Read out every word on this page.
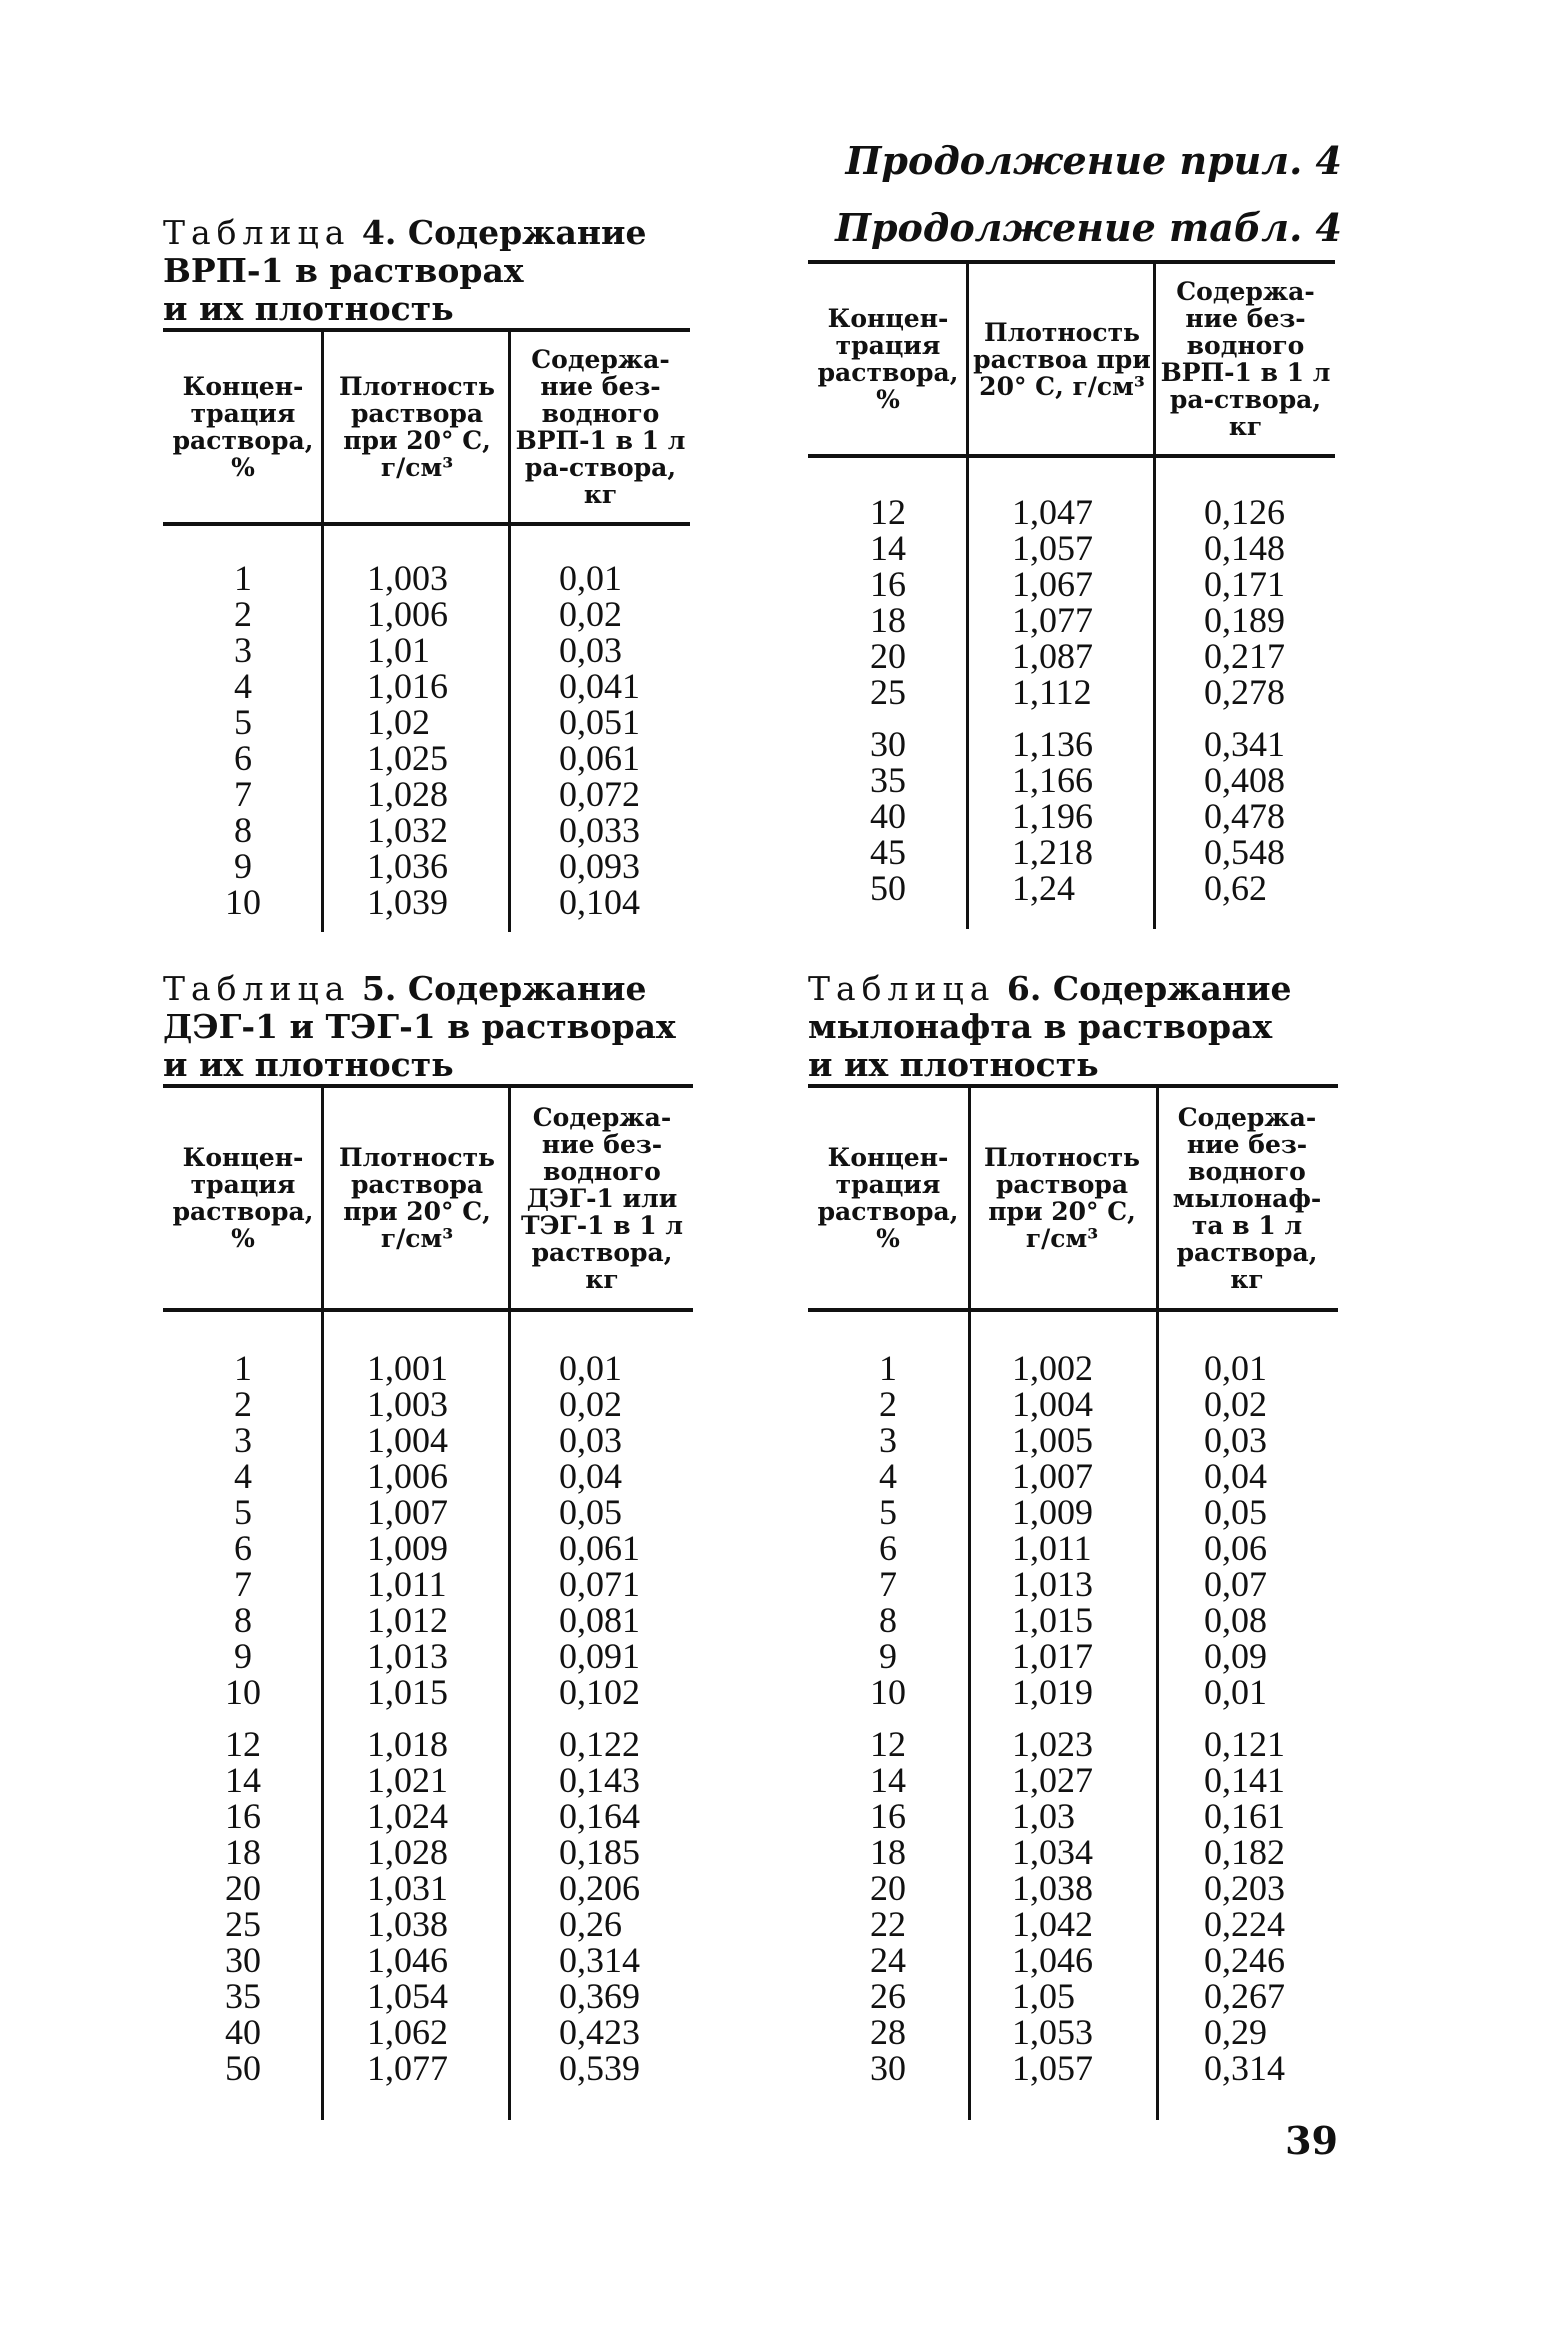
Продолжение прил. 4
Продолжение табл. 4
Таблица 4. Содержание
ВРП-1 в растворах
и их плотность
Концен-трация раствора, %
Плотность раствора при 20° С, г/см³
Содержа-ние без-водного ВРП-1 в 1 л ра-створа, кг
1
2
3
4
5
6
7
8
9
10
1,003
1,006
1,01
1,016
1,02
1,025
1,028
1,032
1,036
1,039
0,01
0,02
0,03
0,041
0,051
0,061
0,072
0,033
0,093
0,104
Концен-трация раствора, %
Плотность раствоа при 20° С, г/см³
Содержа-ние без-водного ВРП-1 в 1 л ра-створа, кг
12
14
16
18
20
25
30
35
40
45
50
1,047
1,057
1,067
1,077
1,087
1,112
1,136
1,166
1,196
1,218
1,24
0,126
0,148
0,171
0,189
0,217
0,278
0,341
0,408
0,478
0,548
0,62
Таблица 5. Содержание
ДЭГ-1 и ТЭГ-1 в растворах
и их плотность
Концен-трация раствора, %
Плотность раствора при 20° С, г/см³
Содержа-ние без-водного ДЭГ-1 или ТЭГ-1 в 1 л раствора, кг
1
2
3
4
5
6
7
8
9
10
12
14
16
18
20
25
30
35
40
50
1,001
1,003
1,004
1,006
1,007
1,009
1,011
1,012
1,013
1,015
1,018
1,021
1,024
1,028
1,031
1,038
1,046
1,054
1,062
1,077
0,01
0,02
0,03
0,04
0,05
0,061
0,071
0,081
0,091
0,102
0,122
0,143
0,164
0,185
0,206
0,26
0,314
0,369
0,423
0,539
Таблица 6. Содержание
мылонафта в растворах
и их плотность
Концен-трация раствора, %
Плотность раствора при 20° С, г/см³
Содержа-ние без-водного мылонаф-та в 1 л раствора, кг
1
2
3
4
5
6
7
8
9
10
12
14
16
18
20
22
24
26
28
30
1,002
1,004
1,005
1,007
1,009
1,011
1,013
1,015
1,017
1,019
1,023
1,027
1,03
1,034
1,038
1,042
1,046
1,05
1,053
1,057
0,01
0,02
0,03
0,04
0,05
0,06
0,07
0,08
0,09
0,01
0,121
0,141
0,161
0,182
0,203
0,224
0,246
0,267
0,29
0,314
39
